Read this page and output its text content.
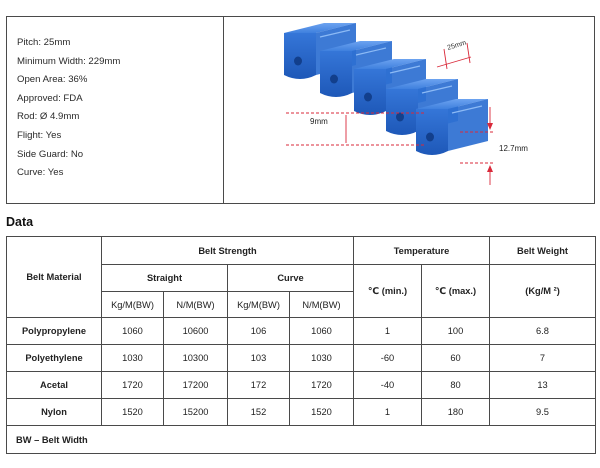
Pitch: 25mm
Minimum Width: 229mm
Open Area: 36%
Approved: FDA
Rod: Ø 4.9mm
Flight: Yes
Side Guard: No
Curve: Yes
25mm
9mm
12.7mm
Data
Belt Material	Belt Strength				Temperature		Belt Weight
	Straight		Curve		℃ (min.)	℃ (max.)	(Kg/M ²)
	Kg/M(BW)	N/M(BW)	Kg/M(BW)	N/M(BW)			
Polypropylene	1060	10600	106	1060	1	100	6.8
Polyethylene	1030	10300	103	1030	-60	60	7
Acetal	1720	17200	172	1720	-40	80	13
Nylon	1520	15200	152	1520	1	180	9.5
BW – Belt Width							
